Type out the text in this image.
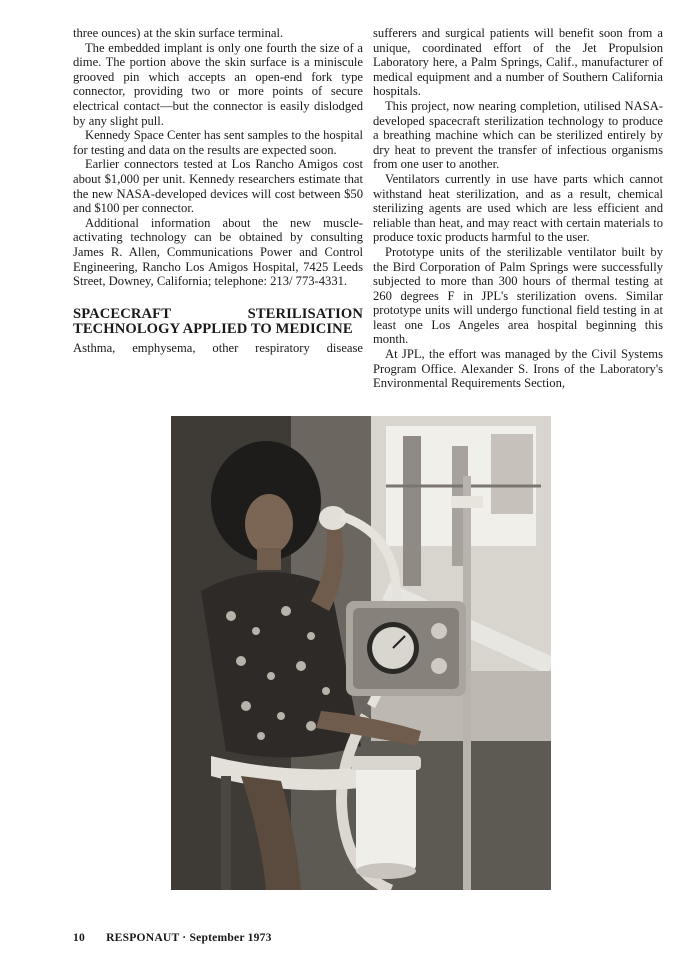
three ounces) at the skin surface terminal.

The embedded implant is only one fourth the size of a dime. The portion above the skin surface is a miniscule grooved pin which accepts an open-end fork type connector, providing two or more points of secure electrical contact—but the connector is easily dislodged by any slight pull.

Kennedy Space Center has sent samples to the hospital for testing and data on the results are expected soon.

Earlier connectors tested at Los Rancho Amigos cost about $1,000 per unit. Kennedy researchers estimate that the new NASA-developed devices will cost between $50 and $100 per connector.

Additional information about the new muscle-activating technology can be obtained by consulting James R. Allen, Communications Power and Control Engineering, Rancho Los Amigos Hospital, 7425 Leeds Street, Downey, California; telephone: 213/ 773-4331.

SPACECRAFT STERILISATION TECHNOLOGY APPLIED TO MEDICINE

Asthma, emphysema, other respiratory disease

sufferers and surgical patients will benefit soon from a unique, coordinated effort of the Jet Propulsion Laboratory here, a Palm Springs, Calif., manufacturer of medical equipment and a number of Southern California hospitals.

This project, now nearing completion, utilised NASA-developed spacecraft sterilization technology to produce a breathing machine which can be sterilized entirely by dry heat to prevent the transfer of infectious organisms from one user to another.

Ventilators currently in use have parts which cannot withstand heat sterilization, and as a result, chemical sterilizing agents are used which are less efficient and reliable than heat, and may react with certain materials to produce toxic products harmful to the user.

Prototype units of the sterilizable ventilator built by the Bird Corporation of Palm Springs were successfully subjected to more than 300 hours of thermal testing at 260 degrees F in JPL's sterilization ovens. Similar prototype units will undergo functional field testing in at least one Los Angeles area hospital beginning this month.

At JPL, the effort was managed by the Civil Systems Program Office. Alexander S. Irons of the Laboratory's Environmental Requirements Section,

10 RESPONAUT · September 1973
